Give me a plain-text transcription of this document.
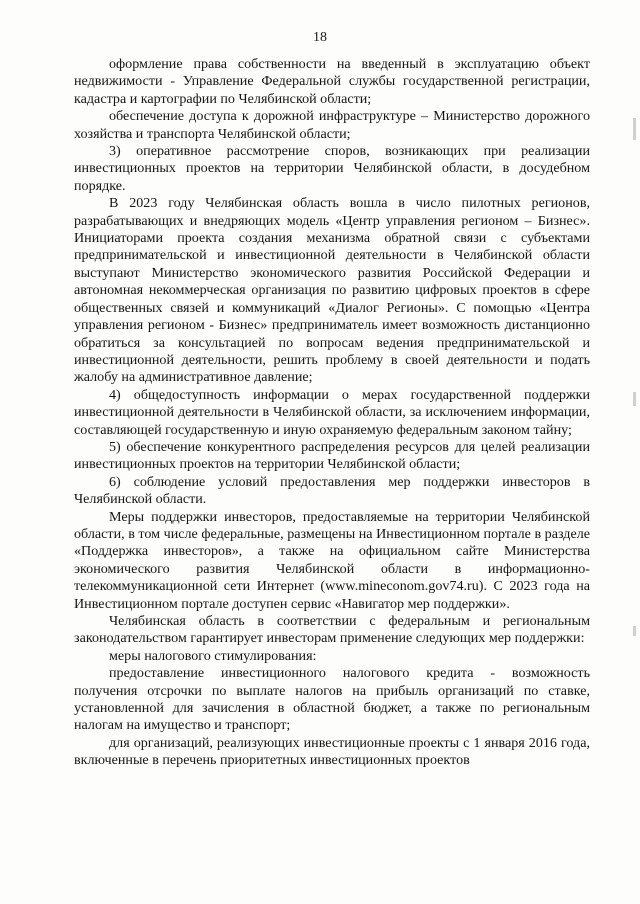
18

оформление права собственности на введенный в эксплуатацию объект недвижимости - Управление Федеральной службы государственной регистрации, кадастра и картографии по Челябинской области;

обеспечение доступа к дорожной инфраструктуре – Министерство дорожного хозяйства и транспорта Челябинской области;

3) оперативное рассмотрение споров, возникающих при реализации инвестиционных проектов на территории Челябинской области, в досудебном порядке.

В 2023 году Челябинская область вошла в число пилотных регионов, разрабатывающих и внедряющих модель «Центр управления регионом – Бизнес». Инициаторами проекта создания механизма обратной связи с субъектами предпринимательской и инвестиционной деятельности в Челябинской области выступают Министерство экономического развития Российской Федерации и автономная некоммерческая организация по развитию цифровых проектов в сфере общественных связей и коммуникаций «Диалог Регионы». С помощью «Центра управления регионом - Бизнес» предприниматель имеет возможность дистанционно обратиться за консультацией по вопросам ведения предпринимательской и инвестиционной деятельности, решить проблему в своей деятельности и подать жалобу на административное давление;

4) общедоступность информации о мерах государственной поддержки инвестиционной деятельности в Челябинской области, за исключением информации, составляющей государственную и иную охраняемую федеральным законом тайну;

5) обеспечение конкурентного распределения ресурсов для целей реализации инвестиционных проектов на территории Челябинской области;

6) соблюдение условий предоставления мер поддержки инвесторов в Челябинской области.

Меры поддержки инвесторов, предоставляемые на территории Челябинской области, в том числе федеральные, размещены на Инвестиционном портале в разделе «Поддержка инвесторов», а также на официальном сайте Министерства экономического развития Челябинской области в информационно-телекоммуникационной сети Интернет (www.mineconom.gov74.ru). С 2023 года на Инвестиционном портале доступен сервис «Навигатор мер поддержки».

Челябинская область в соответствии с федеральным и региональным законодательством гарантирует инвесторам применение следующих мер поддержки:

меры налогового стимулирования:

предоставление инвестиционного налогового кредита - возможность получения отсрочки по выплате налогов на прибыль организаций по ставке, установленной для зачисления в областной бюджет, а также по региональным налогам на имущество и транспорт;

для организаций, реализующих инвестиционные проекты с 1 января 2016 года, включенные в перечень приоритетных инвестиционных проектов
